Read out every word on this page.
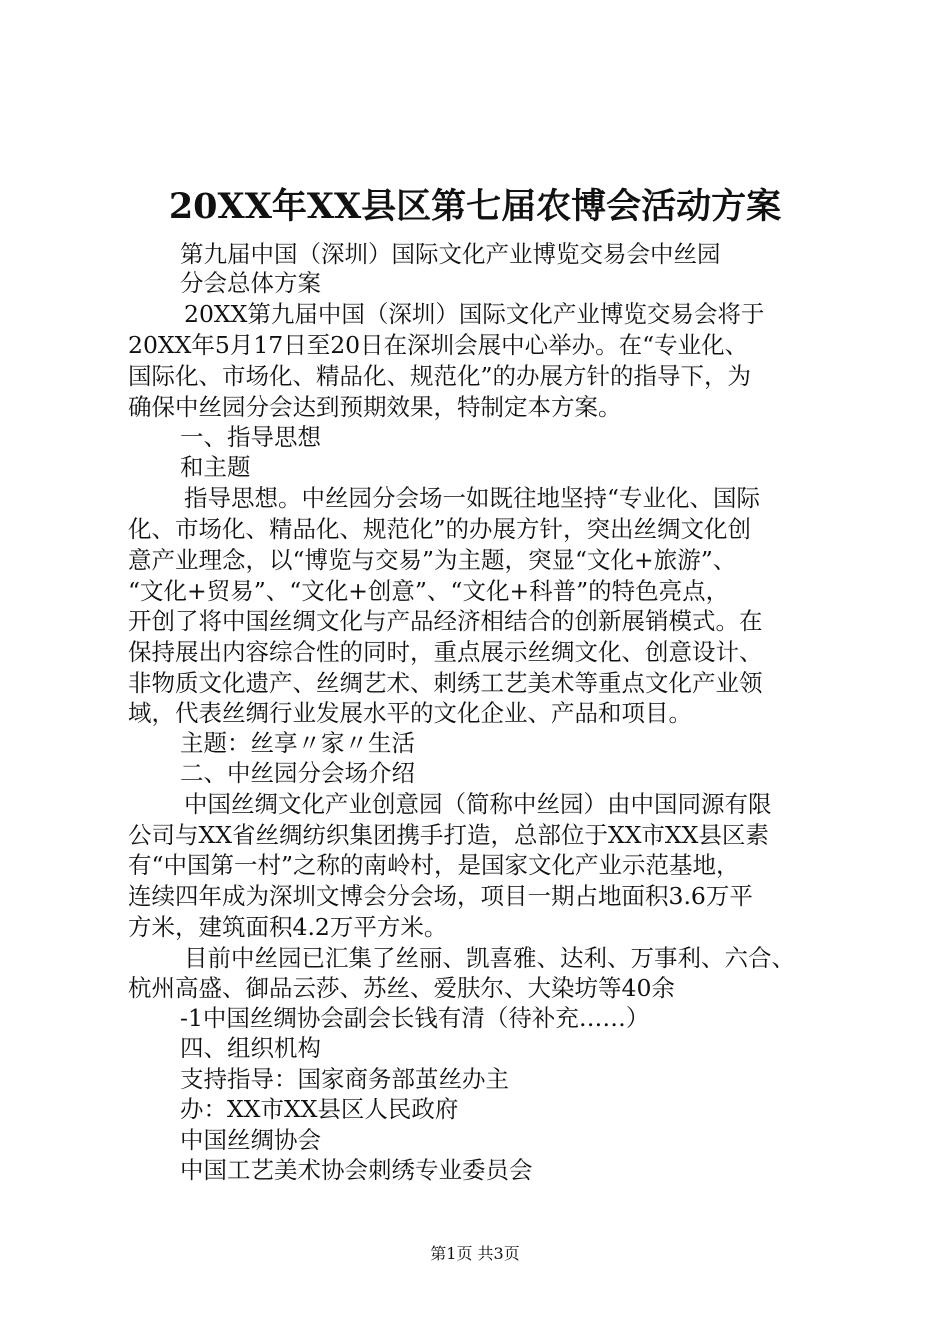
20XX年XX县区第七届农博会活动方案
第九届中国（深圳）国际文化产业博览交易会中丝园
分会总体方案
20XX第九届中国（深圳）国际文化产业博览交易会将于
20XX年5月17日至20日在深圳会展中心举办。在“专业化、
国际化、市场化、精品化、规范化”的办展方针的指导下，为
确保中丝园分会达到预期效果，特制定本方案。
一、指导思想
和主题
指导思想。中丝园分会场一如既往地坚持“专业化、国际
化、市场化、精品化、规范化”的办展方针，突出丝绸文化创
意产业理念，以“博览与交易”为主题，突显“文化+旅游”、
“文化+贸易”、“文化+创意”、“文化+科普”的特色亮点，
开创了将中国丝绸文化与产品经济相结合的创新展销模式。在
保持展出内容综合性的同时，重点展示丝绸文化、创意设计、
非物质文化遗产、丝绸艺术、刺绣工艺美术等重点文化产业领
域，代表丝绸行业发展水平的文化企业、产品和项目。
主题：丝享〃家〃生活
二、中丝园分会场介绍
中国丝绸文化产业创意园（简称中丝园）由中国同源有限
公司与XX省丝绸纺织集团携手打造，总部位于XX市XX县区素
有“中国第一村”之称的南岭村，是国家文化产业示范基地，
连续四年成为深圳文博会分会场，项目一期占地面积3.6万平
方米，建筑面积4.2万平方米。
目前中丝园已汇集了丝丽、凯喜雅、达利、万事利、六合、
杭州高盛、御品云莎、苏丝、爱肤尔、大染坊等40余
-1中国丝绸协会副会长钱有清（待补充……）
四、组织机构
支持指导：国家商务部茧丝办主
办：XX市XX县区人民政府
中国丝绸协会
中国工艺美术协会刺绣专业委员会
第1页 共3页
